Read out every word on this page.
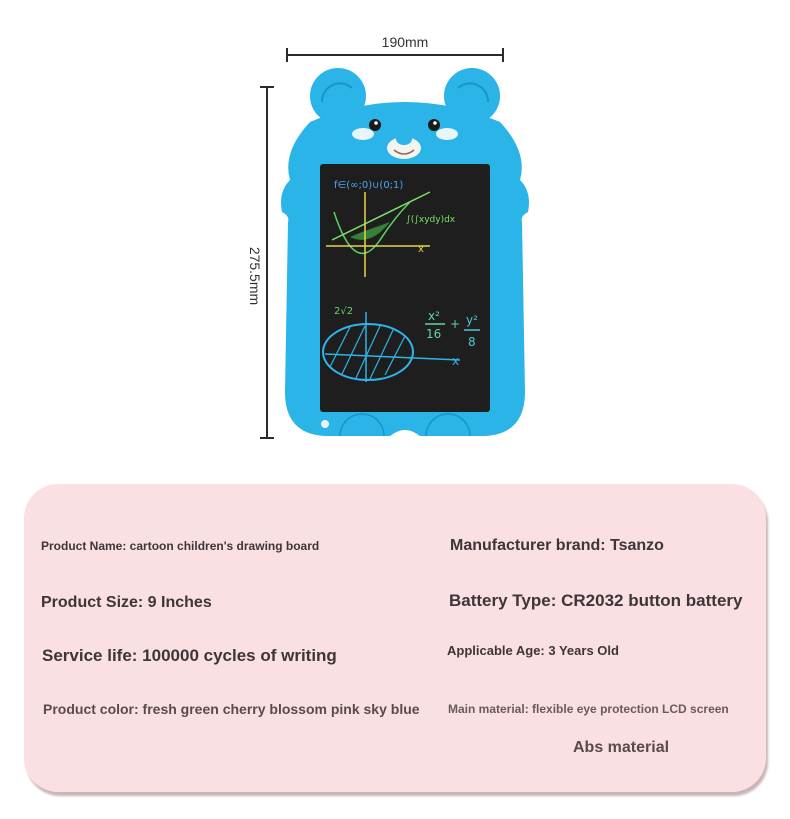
190mm
275.5mm
f∈(∞;0)∪(0;1)
x
∫(∫xydy)dx
2√2
x
x²
16
+ y²
8
Product Name: cartoon children's drawing board
Product Size: 9 Inches
Service life: 100000 cycles of writing
Product color: fresh green cherry blossom pink sky blue
Manufacturer brand: Tsanzo
Battery Type: CR2032 button battery
Applicable Age: 3 Years Old
Main material: flexible eye protection LCD screen
Abs material
